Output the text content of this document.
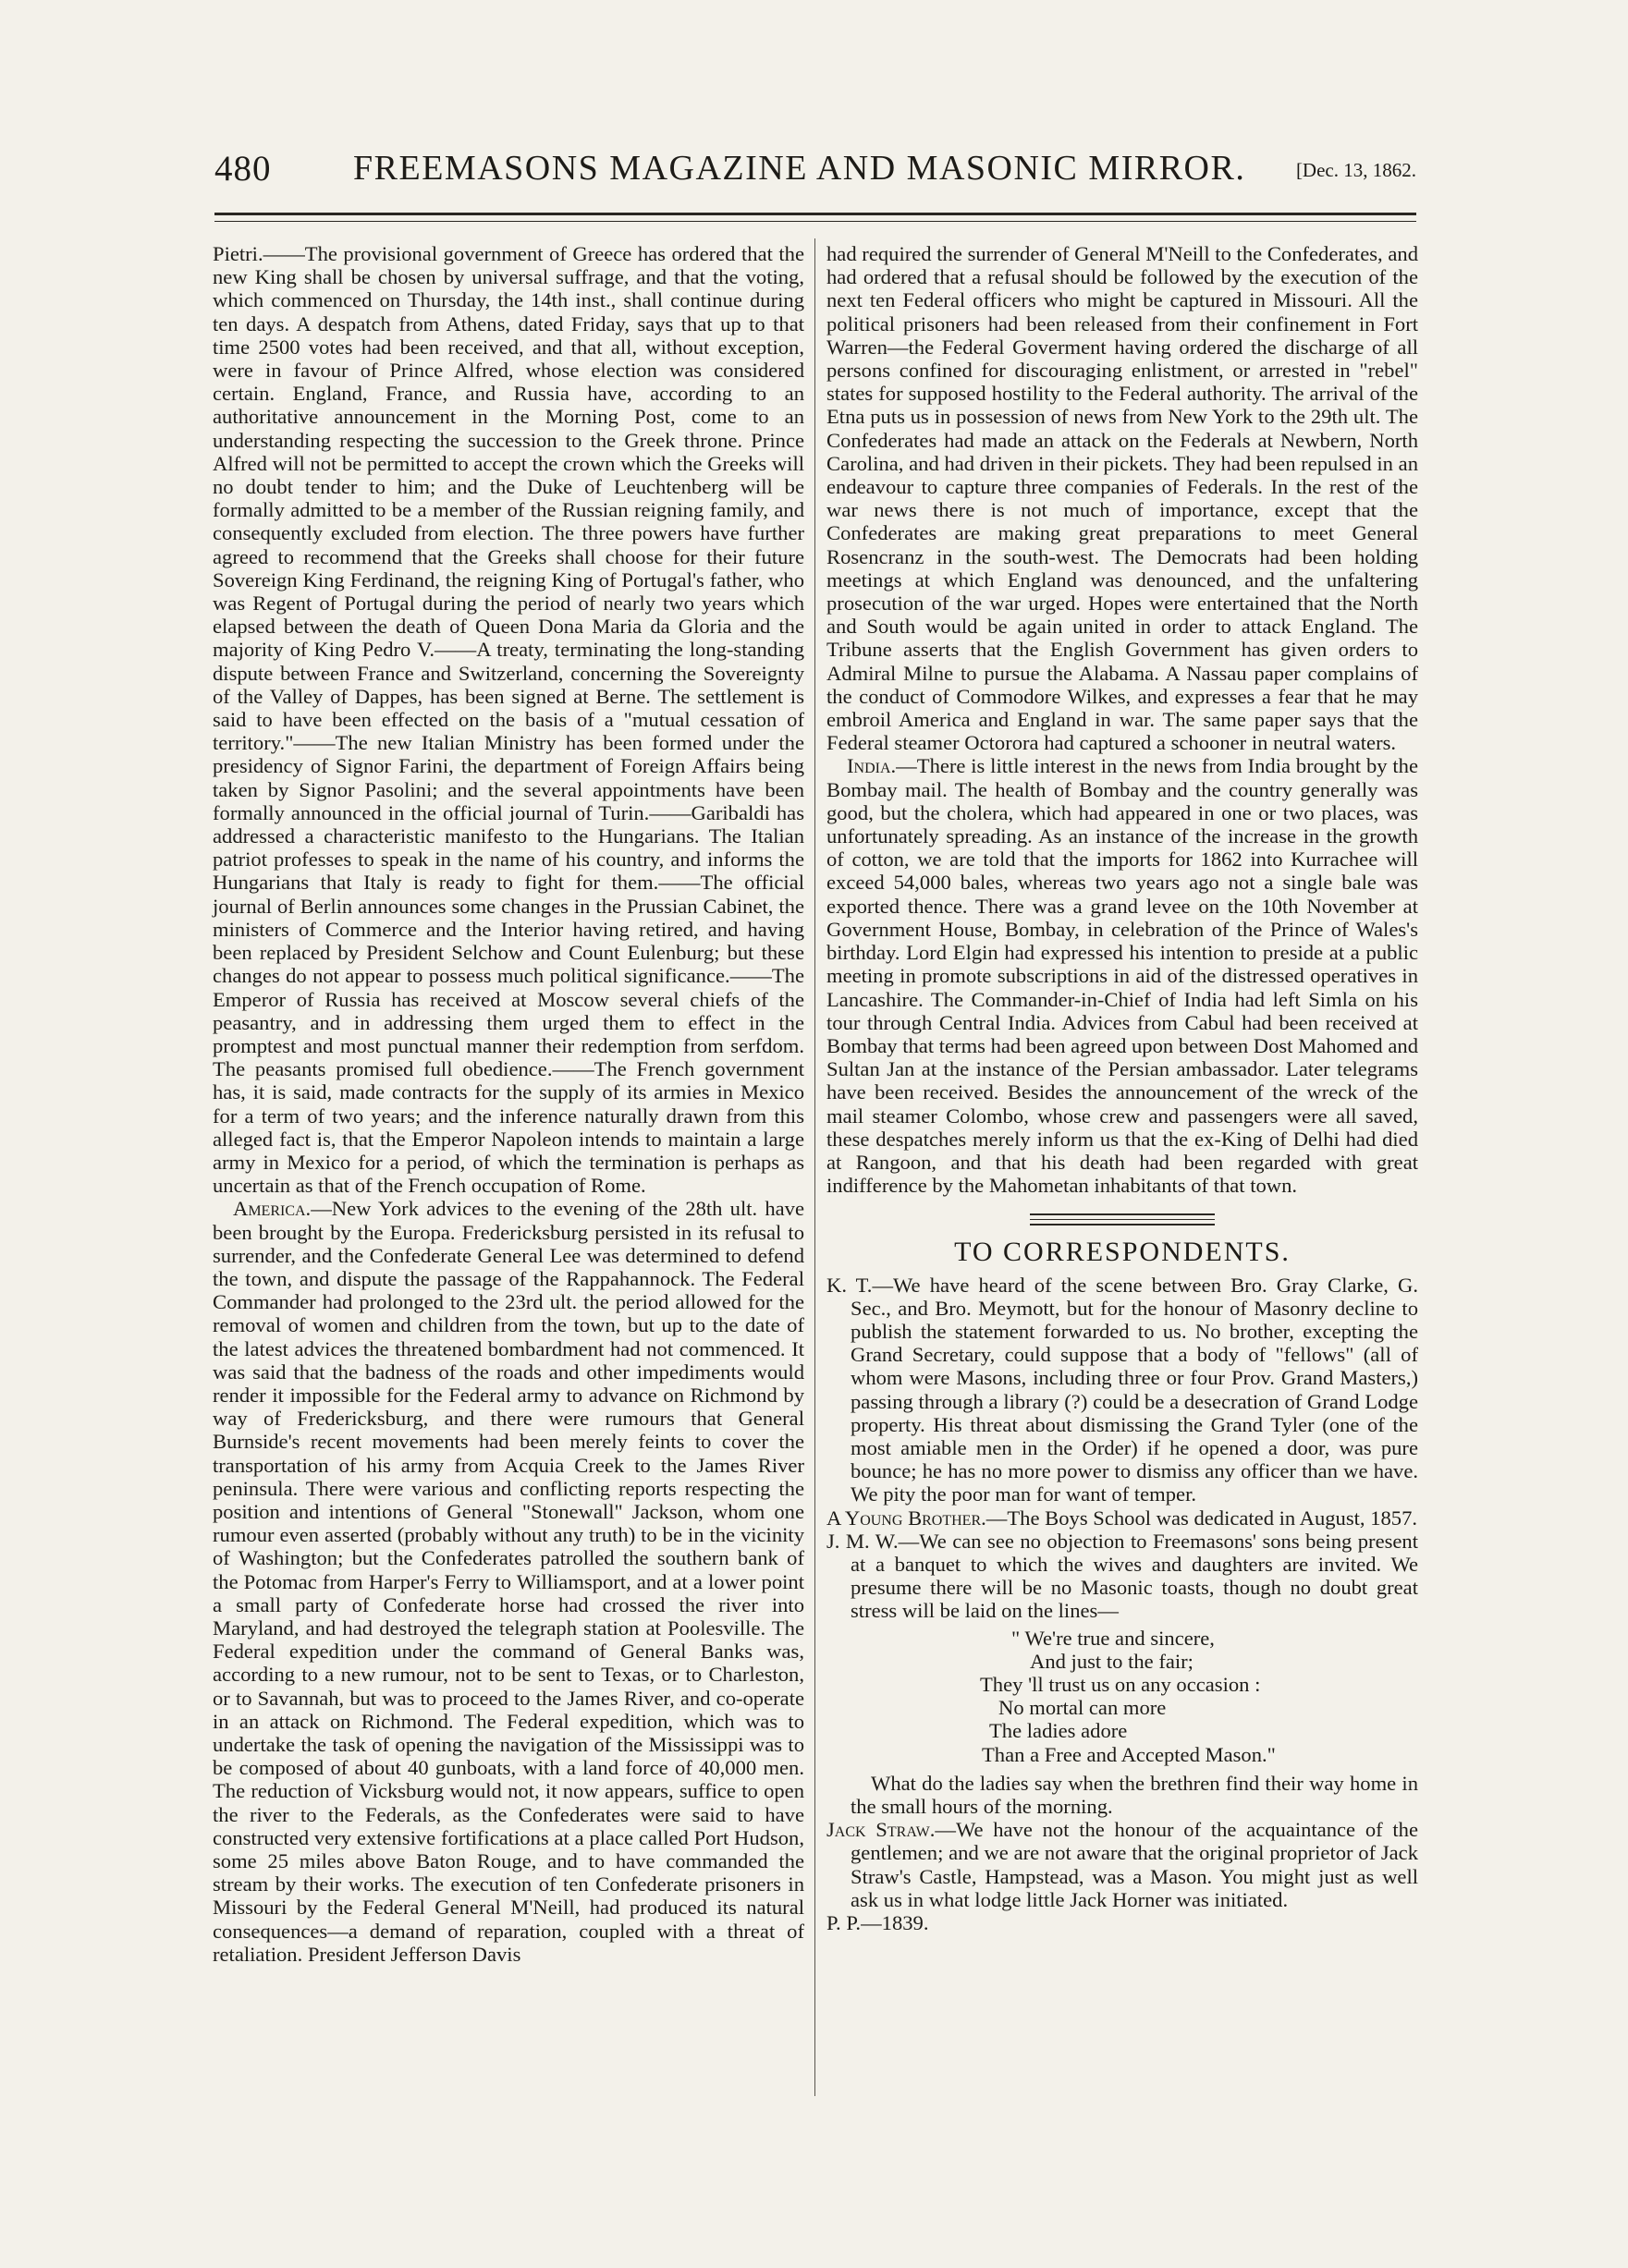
480 FREEMASONS MAGAZINE AND MASONIC MIRROR.	[Dec. 13, 1862.

Pietri.——The provisional government of Greece has ordered that the new King shall be chosen by universal suffrage, and that the voting, which commenced on Thursday, the 14th inst., shall continue during ten days. A despatch from Athens, dated Friday, says that up to that time 2500 votes had been received, and that all, without exception, were in favour of Prince Alfred, whose election was considered certain. England, France, and Russia have, according to an authoritative announcement in the Morning Post, come to an understanding respecting the succession to the Greek throne. Prince Alfred will not be permitted to accept the crown which the Greeks will no doubt tender to him; and the Duke of Leuchtenberg will be formally admitted to be a member of the Russian reigning family, and consequently excluded from election. The three powers have further agreed to recommend that the Greeks shall choose for their future Sovereign King Ferdinand, the reigning King of Portugal's father, who was Regent of Portugal during the period of nearly two years which elapsed between the death of Queen Dona Maria da Gloria and the majority of King Pedro V.——A treaty, terminating the long-standing dispute between France and Switzerland, concerning the Sovereignty of the Valley of Dappes, has been signed at Berne. The settlement is said to have been effected on the basis of a "mutual cessation of territory."——The new Italian Ministry has been formed under the presidency of Signor Farini, the department of Foreign Affairs being taken by Signor Pasolini; and the several appointments have been formally announced in the official journal of Turin.——Garibaldi has addressed a characteristic manifesto to the Hungarians. The Italian patriot professes to speak in the name of his country, and informs the Hungarians that Italy is ready to fight for them.——The official journal of Berlin announces some changes in the Prussian Cabinet, the ministers of Commerce and the Interior having retired, and having been replaced by President Selchow and Count Eulenburg; but these changes do not appear to possess much political significance.——The Emperor of Russia has received at Moscow several chiefs of the peasantry, and in addressing them urged them to effect in the promptest and most punctual manner their redemption from serfdom. The peasants promised full obedience.——The French government has, it is said, made contracts for the supply of its armies in Mexico for a term of two years; and the inference naturally drawn from this alleged fact is, that the Emperor Napoleon intends to maintain a large army in Mexico for a period, of which the termination is perhaps as uncertain as that of the French occupation of Rome.

America.—New York advices to the evening of the 28th ult. have been brought by the Europa. Fredericksburg persisted in its refusal to surrender, and the Confederate General Lee was determined to defend the town, and dispute the passage of the Rappahannock. The Federal Commander had prolonged to the 23rd ult. the period allowed for the removal of women and children from the town, but up to the date of the latest advices the threatened bombardment had not commenced. It was said that the badness of the roads and other impediments would render it impossible for the Federal army to advance on Richmond by way of Fredericksburg, and there were rumours that General Burnside's recent movements had been merely feints to cover the transportation of his army from Acquia Creek to the James River peninsula. There were various and conflicting reports respecting the position and intentions of General "Stonewall" Jackson, whom one rumour even asserted (probably without any truth) to be in the vicinity of Washington; but the Confederates patrolled the southern bank of the Potomac from Harper's Ferry to Williamsport, and at a lower point a small party of Confederate horse had crossed the river into Maryland, and had destroyed the telegraph station at Poolesville. The Federal expedition under the command of General Banks was, according to a new rumour, not to be sent to Texas, or to Charleston, or to Savannah, but was to proceed to the James River, and co-operate in an attack on Richmond. The Federal expedition, which was to undertake the task of opening the navigation of the Mississippi was to be composed of about 40 gunboats, with a land force of 40,000 men. The reduction of Vicksburg would not, it now appears, suffice to open the river to the Federals, as the Confederates were said to have constructed very extensive fortifications at a place called Port Hudson, some 25 miles above Baton Rouge, and to have commanded the stream by their works. The execution of ten Confederate prisoners in Missouri by the Federal General M'Neill, had produced its natural consequences—a demand of reparation, coupled with a threat of retaliation. President Jefferson Davis

had required the surrender of General M'Neill to the Confederates, and had ordered that a refusal should be followed by the execution of the next ten Federal officers who might be captured in Missouri. All the political prisoners had been released from their confinement in Fort Warren—the Federal Goverment having ordered the discharge of all persons confined for discouraging enlistment, or arrested in "rebel" states for supposed hostility to the Federal authority. The arrival of the Etna puts us in possession of news from New York to the 29th ult. The Confederates had made an attack on the Federals at Newbern, North Carolina, and had driven in their pickets. They had been repulsed in an endeavour to capture three companies of Federals. In the rest of the war news there is not much of importance, except that the Confederates are making great preparations to meet General Rosencranz in the south-west. The Democrats had been holding meetings at which England was denounced, and the unfaltering prosecution of the war urged. Hopes were entertained that the North and South would be again united in order to attack England. The Tribune asserts that the English Government has given orders to Admiral Milne to pursue the Alabama. A Nassau paper complains of the conduct of Commodore Wilkes, and expresses a fear that he may embroil America and England in war. The same paper says that the Federal steamer Octorora had captured a schooner in neutral waters.

India.—There is little interest in the news from India brought by the Bombay mail. The health of Bombay and the country generally was good, but the cholera, which had appeared in one or two places, was unfortunately spreading. As an instance of the increase in the growth of cotton, we are told that the imports for 1862 into Kurrachee will exceed 54,000 bales, whereas two years ago not a single bale was exported thence. There was a grand levee on the 10th November at Government House, Bombay, in celebration of the Prince of Wales's birthday. Lord Elgin had expressed his intention to preside at a public meeting in promote subscriptions in aid of the distressed operatives in Lancashire. The Commander-in-Chief of India had left Simla on his tour through Central India. Advices from Cabul had been received at Bombay that terms had been agreed upon between Dost Mahomed and Sultan Jan at the instance of the Persian ambassador. Later telegrams have been received. Besides the announcement of the wreck of the mail steamer Colombo, whose crew and passengers were all saved, these despatches merely inform us that the ex-King of Delhi had died at Rangoon, and that his death had been regarded with great indifference by the Mahometan inhabitants of that town.

TO CORRESPONDENTS.

K. T.—We have heard of the scene between Bro. Gray Clarke, G. Sec., and Bro. Meymott, but for the honour of Masonry decline to publish the statement forwarded to us. No brother, excepting the Grand Secretary, could suppose that a body of "fellows" (all of whom were Masons, including three or four Prov. Grand Masters,) passing through a library (?) could be a desecration of Grand Lodge property. His threat about dismissing the Grand Tyler (one of the most amiable men in the Order) if he opened a door, was pure bounce; he has no more power to dismiss any officer than we have. We pity the poor man for want of temper.

A Young Brother.—The Boys School was dedicated in August, 1857.

J. M. W.—We can see no objection to Freemasons' sons being present at a banquet to which the wives and daughters are invited. We presume there will be no Masonic toasts, though no doubt great stress will be laid on the lines—

" We're true and sincere,
And just to the fair;
They 'll trust us on any occasion :
No mortal can more
The ladies adore
Than a Free and Accepted Mason."

What do the ladies say when the brethren find their way home in the small hours of the morning.

Jack Straw.—We have not the honour of the acquaintance of the gentlemen; and we are not aware that the original proprietor of Jack Straw's Castle, Hampstead, was a Mason. You might just as well ask us in what lodge little Jack Horner was initiated.

P. P.—1839.
